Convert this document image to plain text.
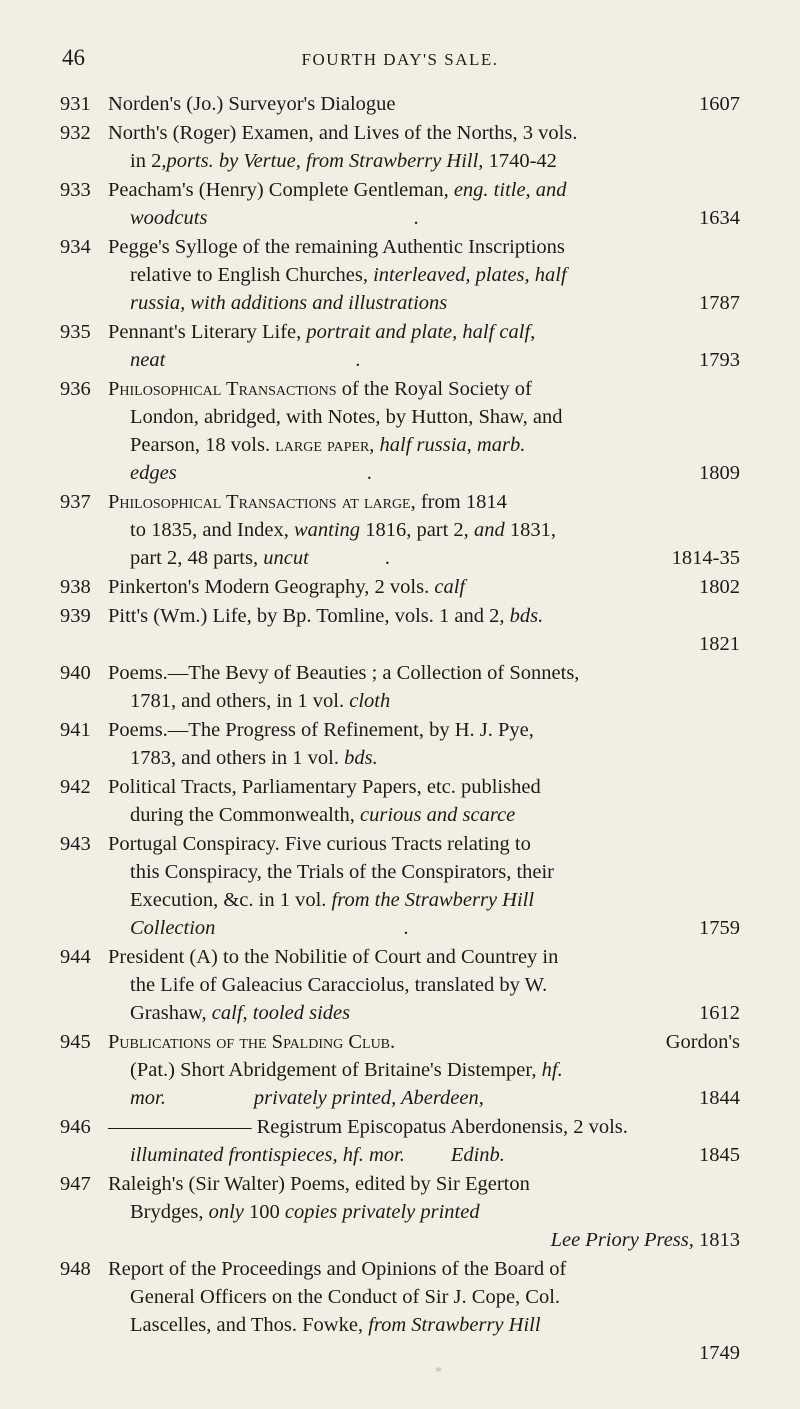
46	FOURTH DAY'S SALE.
931 Norden's (Jo.) Surveyor's Dialogue	1607
932 North's (Roger) Examen, and Lives of the Norths, 3 vols.
in 2,ports. by Vertue, from Strawberry Hill, 1740-42
933 Peacham's (Henry) Complete Gentleman, eng. title, and
woodcuts	.	1634
934 Pegge's Sylloge of the remaining Authentic Inscriptions
relative to English Churches, interleaved, plates, half
russia, with additions and illustrations	1787
935 Pennant's Literary Life, portrait and plate, half calf,
neat	.	1793
936 Philosophical Transactions of the Royal Society of
London, abridged, with Notes, by Hutton, Shaw, and
Pearson, 18 vols. large paper, half russia, marb.
edges	.	1809
937 Philosophical Transactions at large, from 1814
to 1835, and Index, wanting 1816, part 2, and 1831,
part 2, 48 parts, uncut	.	1814-35
938 Pinkerton's Modern Geography, 2 vols. calf	1802
939 Pitt's (Wm.) Life, by Bp. Tomline, vols. 1 and 2, bds.
1821
940 Poems.—The Bevy of Beauties ; a Collection of Sonnets,
1781, and others, in 1 vol. cloth
941 Poems.—The Progress of Refinement, by H. J. Pye,
1783, and others in 1 vol. bds.
942 Political Tracts, Parliamentary Papers, etc. published
during the Commonwealth, curious and scarce
943 Portugal Conspiracy. Five curious Tracts relating to
this Conspiracy, the Trials of the Conspirators, their
Execution, &c. in 1 vol. from the Strawberry Hill
Collection	.	1759
944 President (A) to the Nobilitie of Court and Countrey in
the Life of Galeacius Caracciolus, translated by W.
Grashaw, calf, tooled sides	1612
945 Publications of the Spalding Club.	Gordon's
(Pat.) Short Abridgement of Britaine's Distemper, hf.
mor.	privately printed, Aberdeen,	1844
946 ——————— Registrum Episcopatus Aberdonensis, 2 vols.
illuminated frontispieces, hf. mor. Edinb.	1845
947 Raleigh's (Sir Walter) Poems, edited by Sir Egerton
Brydges, only 100 copies privately printed
Lee Priory Press, 1813
948 Report of the Proceedings and Opinions of the Board of
General Officers on the Conduct of Sir J. Cope, Col.
Lascelles, and Thos. Fowke, from Strawberry Hill
1749
*
